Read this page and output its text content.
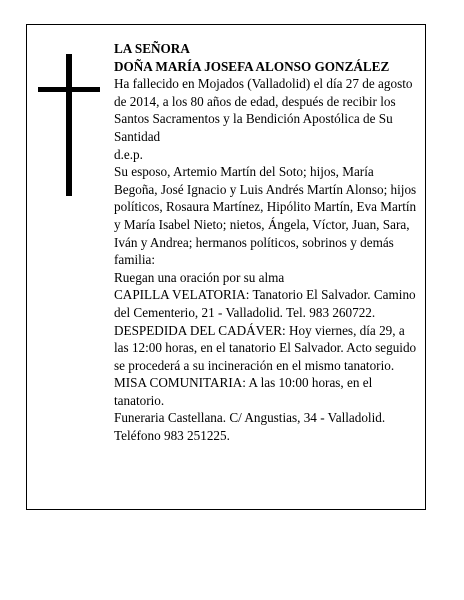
LA SEÑORA

DOÑA MARÍA JOSEFA ALONSO GONZÁLEZ

Ha fallecido en Mojados (Valladolid) el día 27 de agosto de 2014, a los 80 años de edad, después de recibir los Santos Sacramentos y la Bendición Apostólica de Su Santidad

d.e.p.

Su esposo, Artemio Martín del Soto; hijos, María Begoña, José Ignacio y Luis Andrés Martín Alonso; hijos políticos, Rosaura Martínez, Hipólito Martín, Eva Martín y María Isabel Nieto; nietos, Ángela, Víctor, Juan, Sara, Iván y Andrea; hermanos políticos, sobrinos y demás familia:

Ruegan una oración por su alma

CAPILLA VELATORIA: Tanatorio El Salvador. Camino del Cementerio, 21 - Valladolid. Tel. 983 260722.

DESPEDIDA DEL CADÁVER: Hoy viernes, día 29, a las 12:00 horas, en el tanatorio El Salvador. Acto seguido se procederá a su incineración en el mismo tanatorio.

MISA COMUNITARIA: A las 10:00 horas, en el tanatorio.

Funeraria Castellana. C/ Angustias, 34 - Valladolid. Teléfono 983 251225.
